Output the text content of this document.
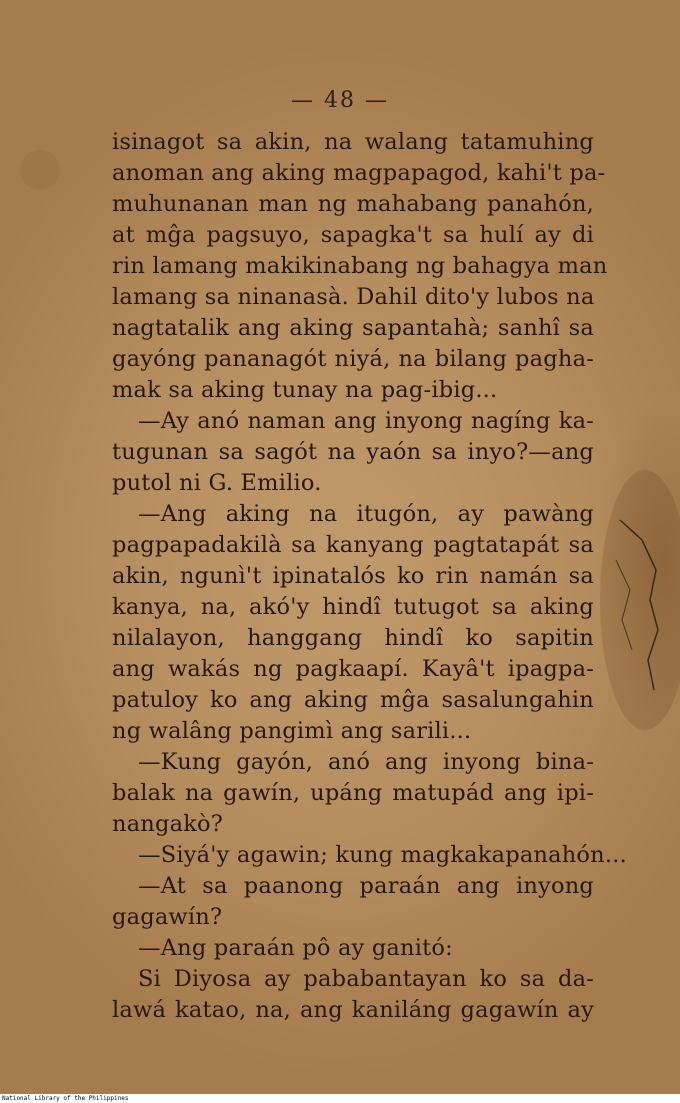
— 48 —
isinagot sa akin, na walang tatamuhing
anoman ang aking magpapagod, kahi't pa-
muhunanan man ng mahabang panahón,
at mĝa pagsuyo, sapagka't sa hulí ay di
rin lamang makikinabang ng bahagya man
lamang sa ninanasà. Dahil dito'y lubos na
nagtatalik ang aking sapantahà; sanhî sa
gayóng pananagót niyá, na bilang pagha-
mak sa aking tunay na pag-ibig...
—Ay anó naman ang inyong nagíng ka-
tugunan sa sagót na yaón sa inyo?—ang
putol ni G. Emilio.
—Ang aking na itugón, ay pawàng
pagpapadakilà sa kanyang pagtatapát sa
akin, ngunì't ipinatalós ko rin namán sa
kanya, na, akó'y hindî tutugot sa aking
nilalayon, hanggang hindî ko sapitin
ang wakás ng pagkaapí. Kayâ't ipagpa-
patuloy ko ang aking mĝa sasalungahin
ng walâng pangimì ang sarili...
—Kung gayón, anó ang inyong bina-
balak na gawín, upáng matupád ang ipi-
nangakò?
—Siyá'y agawin; kung magkakapanahón...
—At sa paanong paraán ang inyong
gagawín?
—Ang paraán pô ay ganitó:
Si Diyosa ay pababantayan ko sa da-
lawá katao, na, ang kaniláng gagawín ay
National Library of the Philippines
